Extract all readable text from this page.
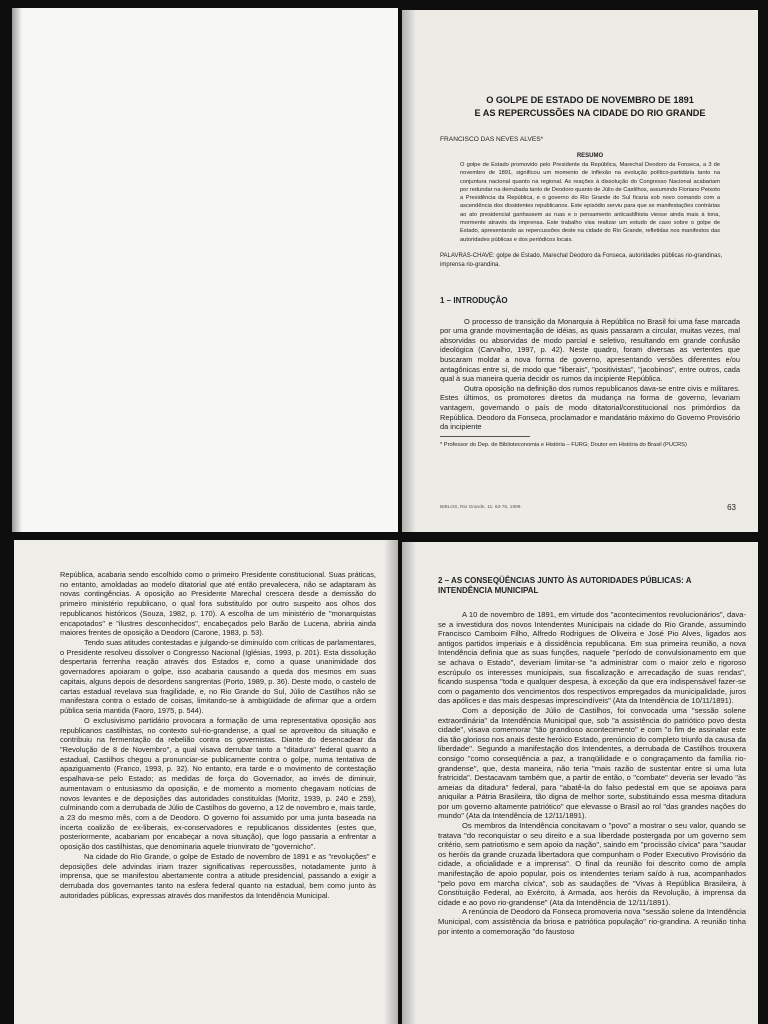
O GOLPE DE ESTADO DE NOVEMBRO DE 1891
E AS REPERCUSSÕES NA CIDADE DO RIO GRANDE

FRANCISCO DAS NEVES ALVES*

RESUMO

O golpe de Estado promovido pelo Presidente da República, Marechal Deodoro da Fonseca, a 3 de novembro de 1891, significou um momento de inflexão na evolução político-partidária tanto na conjuntura nacional quanto na regional. As reações à dissolução do Congresso Nacional acabariam por redundar na derrubada tanto de Deodoro quanto de Júlio de Castilhos, assumindo Floriano Peixoto a Presidência da República, e o governo do Rio Grande do Sul ficaria sob novo comando com a ascendência dos dissidentes republicanos. Este episódio serviu para que se manifestações contrárias ao ato presidencial ganhassem as ruas e o pensamento anticastilhista viesse ainda mais à tona, mormente através da imprensa. Este trabalho visa realizar um estudo de caso sobre o golpe de Estado, apresentando as repercussões deste na cidade do Rio Grande, refletidas nos manifestos das autoridades públicas e dos periódicos locais.

PALAVRAS-CHAVE: golpe de Estado, Marechal Deodoro da Fonseca, autoridades públicas rio-grandinas, imprensa rio-grandina.

1 – INTRODUÇÃO

O processo de transição da Monarquia à República no Brasil foi uma fase marcada por uma grande movimentação de idéias, as quais passaram a circular, muitas vezes, mal absorvidas ou absorvidas de modo parcial e seletivo, resultando em grande confusão ideológica (Carvalho, 1997, p. 42). Neste quadro, foram diversas as vertentes que buscaram moldar a nova forma de governo, apresentando versões diferentes e/ou antagônicas entre si, de modo que "liberais", "positivistas", "jacobinos", entre outros, cada qual à sua maneira queria decidir os rumos da incipiente República.

Outra oposição na definição dos rumos republicanos dava-se entre civis e militares. Estes últimos, os promotores diretos da mudança na forma de governo, levariam vantagem, governando o país de modo ditatorial/constitucional nos primórdios da República. Deodoro da Fonseca, proclamador e mandatário máximo do Governo Provisório da incipiente

* Professor do Dep. de Biblioteconomia e História – FURG; Doutor em História do Brasil (PUCRS)

BIBLOS, Rio Grande, 11: 63-76, 1999.	63

República, acabaria sendo escolhido como o primeiro Presidente constitucional. Suas práticas, no entanto, amoldadas ao modelo ditatorial que até então prevalecera, não se adaptaram às novas contingências. A oposição ao Presidente Marechal crescera desde a demissão do primeiro ministério republicano, o qual fora substituído por outro suspeito aos olhos dos republicanos históricos (Souza, 1982, p. 170). A escolha de um ministério de "monarquistas encapotados" e "ilustres desconhecidos", encabeçados pelo Barão de Lucena, abriria ainda maiores frentes de oposição a Deodoro (Carone, 1983, p. 53).

Tendo suas atitudes contestadas e julgando-se diminuído com críticas de parlamentares, o Presidente resolveu dissolver o Congresso Nacional (Iglésias, 1993, p. 201). Esta dissolução despertaria ferrenha reação através dos Estados e, como a quase unanimidade dos governadores apoiaram o golpe, isso acabaria causando a queda dos mesmos em suas capitais, alguns depois de desordens sangrentas (Porto, 1989, p. 36). Deste modo, o castelo de cartas estadual revelava sua fragilidade, e, no Rio Grande do Sul, Júlio de Castilhos não se manifestara contra o estado de coisas, limitando-se à ambigüidade de afirmar que a ordem pública seria mantida (Faoro, 1975, p. 544).

O exclusivismo partidário provocara a formação de uma representativa oposição aos republicanos castilhistas, no contexto sul-rio-grandense, a qual se aproveitou da situação e contribuiu na fermentação da rebelião contra os governistas. Diante do desencadear da "Revolução de 8 de Novembro", a qual visava derrubar tanto a "ditadura" federal quanto a estadual, Castilhos chegou a pronunciar-se publicamente contra o golpe, numa tentativa de apaziguamento (Franco, 1993, p. 32). No entanto, era tarde e o movimento de contestação espalhava-se pelo Estado; as medidas de força do Governador, ao invés de diminuir, aumentavam o entusiasmo da oposição, e de momento a momento chegavam notícias de novos levantes e de deposições das autoridades constituídas (Moritz, 1939, p. 240 e 259), culminando com a derrubada de Júlio de Castilhos do governo, a 12 de novembro e, mais tarde, a 23 do mesmo mês, com a de Deodoro. O governo foi assumido por uma junta baseada na incerta coalizão de ex-liberais, ex-conservadores e republicanos dissidentes (estes que, posteriormente, acabariam por encabeçar a nova situação), que logo passaria a enfrentar a oposição dos castilhistas, que denominaria aquele triunvirato de "governicho".

Na cidade do Rio Grande, o golpe de Estado de novembro de 1891 e as "revoluções" e deposições dele advindas iriam trazer significativas repercussões, notadamente junto à imprensa, que se manifestou abertamente contra a atitude presidencial, passando a exigir a derrubada dos governantes tanto na esfera federal quanto na estadual, bem como junto às autoridades públicas, expressas através dos manifestos da Intendência Municipal.

2 – AS CONSEQÜÊNCIAS JUNTO ÀS AUTORIDADES PÚBLICAS: A INTENDÊNCIA MUNICIPAL

A 10 de novembro de 1891, em virtude dos "acontecimentos revolucionários", dava-se a investidura dos novos Intendentes Municipais na cidade do Rio Grande, assumindo Francisco Camboim Filho, Alfredo Rodrigues de Oliveira e José Pio Alves, ligados aos antigos partidos imperiais e à dissidência republicana. Em sua primeira reunião, a nova Intendência definia que as suas funções, naquele "período de convulsionamento em que se achava o Estado", deveriam limitar-se "a administrar com o maior zelo e rigoroso escrúpulo os interesses municipais, sua fiscalização e arrecadação de suas rendas", ficando suspensa "toda e qualquer despesa, à exceção da que era indispensável fazer-se com o pagamento dos vencimentos dos respectivos empregados da municipalidade, juros das apólices e das mais despesas imprescindíveis" (Ata da Intendência de 10/11/1891).

Com a deposição de Júlio de Castilhos, foi convocada uma "sessão solene extraordinária" da Intendência Municipal que, sob "a assistência do patriótico povo desta cidade", visava comemorar "tão grandioso acontecimento" e com "o fim de assinalar este dia tão glorioso nos anais deste heróico Estado, prenúncio do completo triunfo da causa da liberdade". Segundo a manifestação dos Intendentes, a derrubada de Castilhos trouxera consigo "como conseqüência a paz, a tranqüilidade e o congraçamento da família rio-grandense", que, desta maneira, não teria "mais razão de sustentar entre si uma luta fratricida". Destacavam também que, a partir de então, o "combate" deveria ser levado "às ameias da ditadura" federal, para "abatê-la do falso pedestal em que se apoiava para aniquilar a Pátria Brasileira, tão digna de melhor sorte, substituindo essa mesma ditadura por um governo altamente patriótico" que elevasse o Brasil ao rol "das grandes nações do mundo" (Ata da Intendência de 12/11/1891).

Os membros da Intendência concitavam o "povo" a mostrar o seu valor, quando se tratava "do reconquistar o seu direito e a sua liberdade postergada por um governo sem critério, sem patriotismo e sem apoio da nação", saindo em "procissão cívica" para "saudar os heróis da grande cruzada libertadora que compunham o Poder Executivo Provisório da cidade, a oficialidade e a imprensa". O final da reunião foi descrito como de ampla manifestação de apoio popular, pois os intendentes teriam saído à rua, acompanhados "pelo povo em marcha cívica", sob as saudações de "Vivas à República Brasileira, à Constituição Federal, ao Exército, à Armada, aos heróis da Revolução, à imprensa da cidade e ao povo rio-grandense" (Ata da Intendência de 12/11/1891).

A renúncia de Deodoro da Fonseca promoveria nova "sessão solene da Intendência Municipal, com assistência da briosa e patriótica população" rio-grandina. A reunião tinha por intento a comemoração "do faustoso
